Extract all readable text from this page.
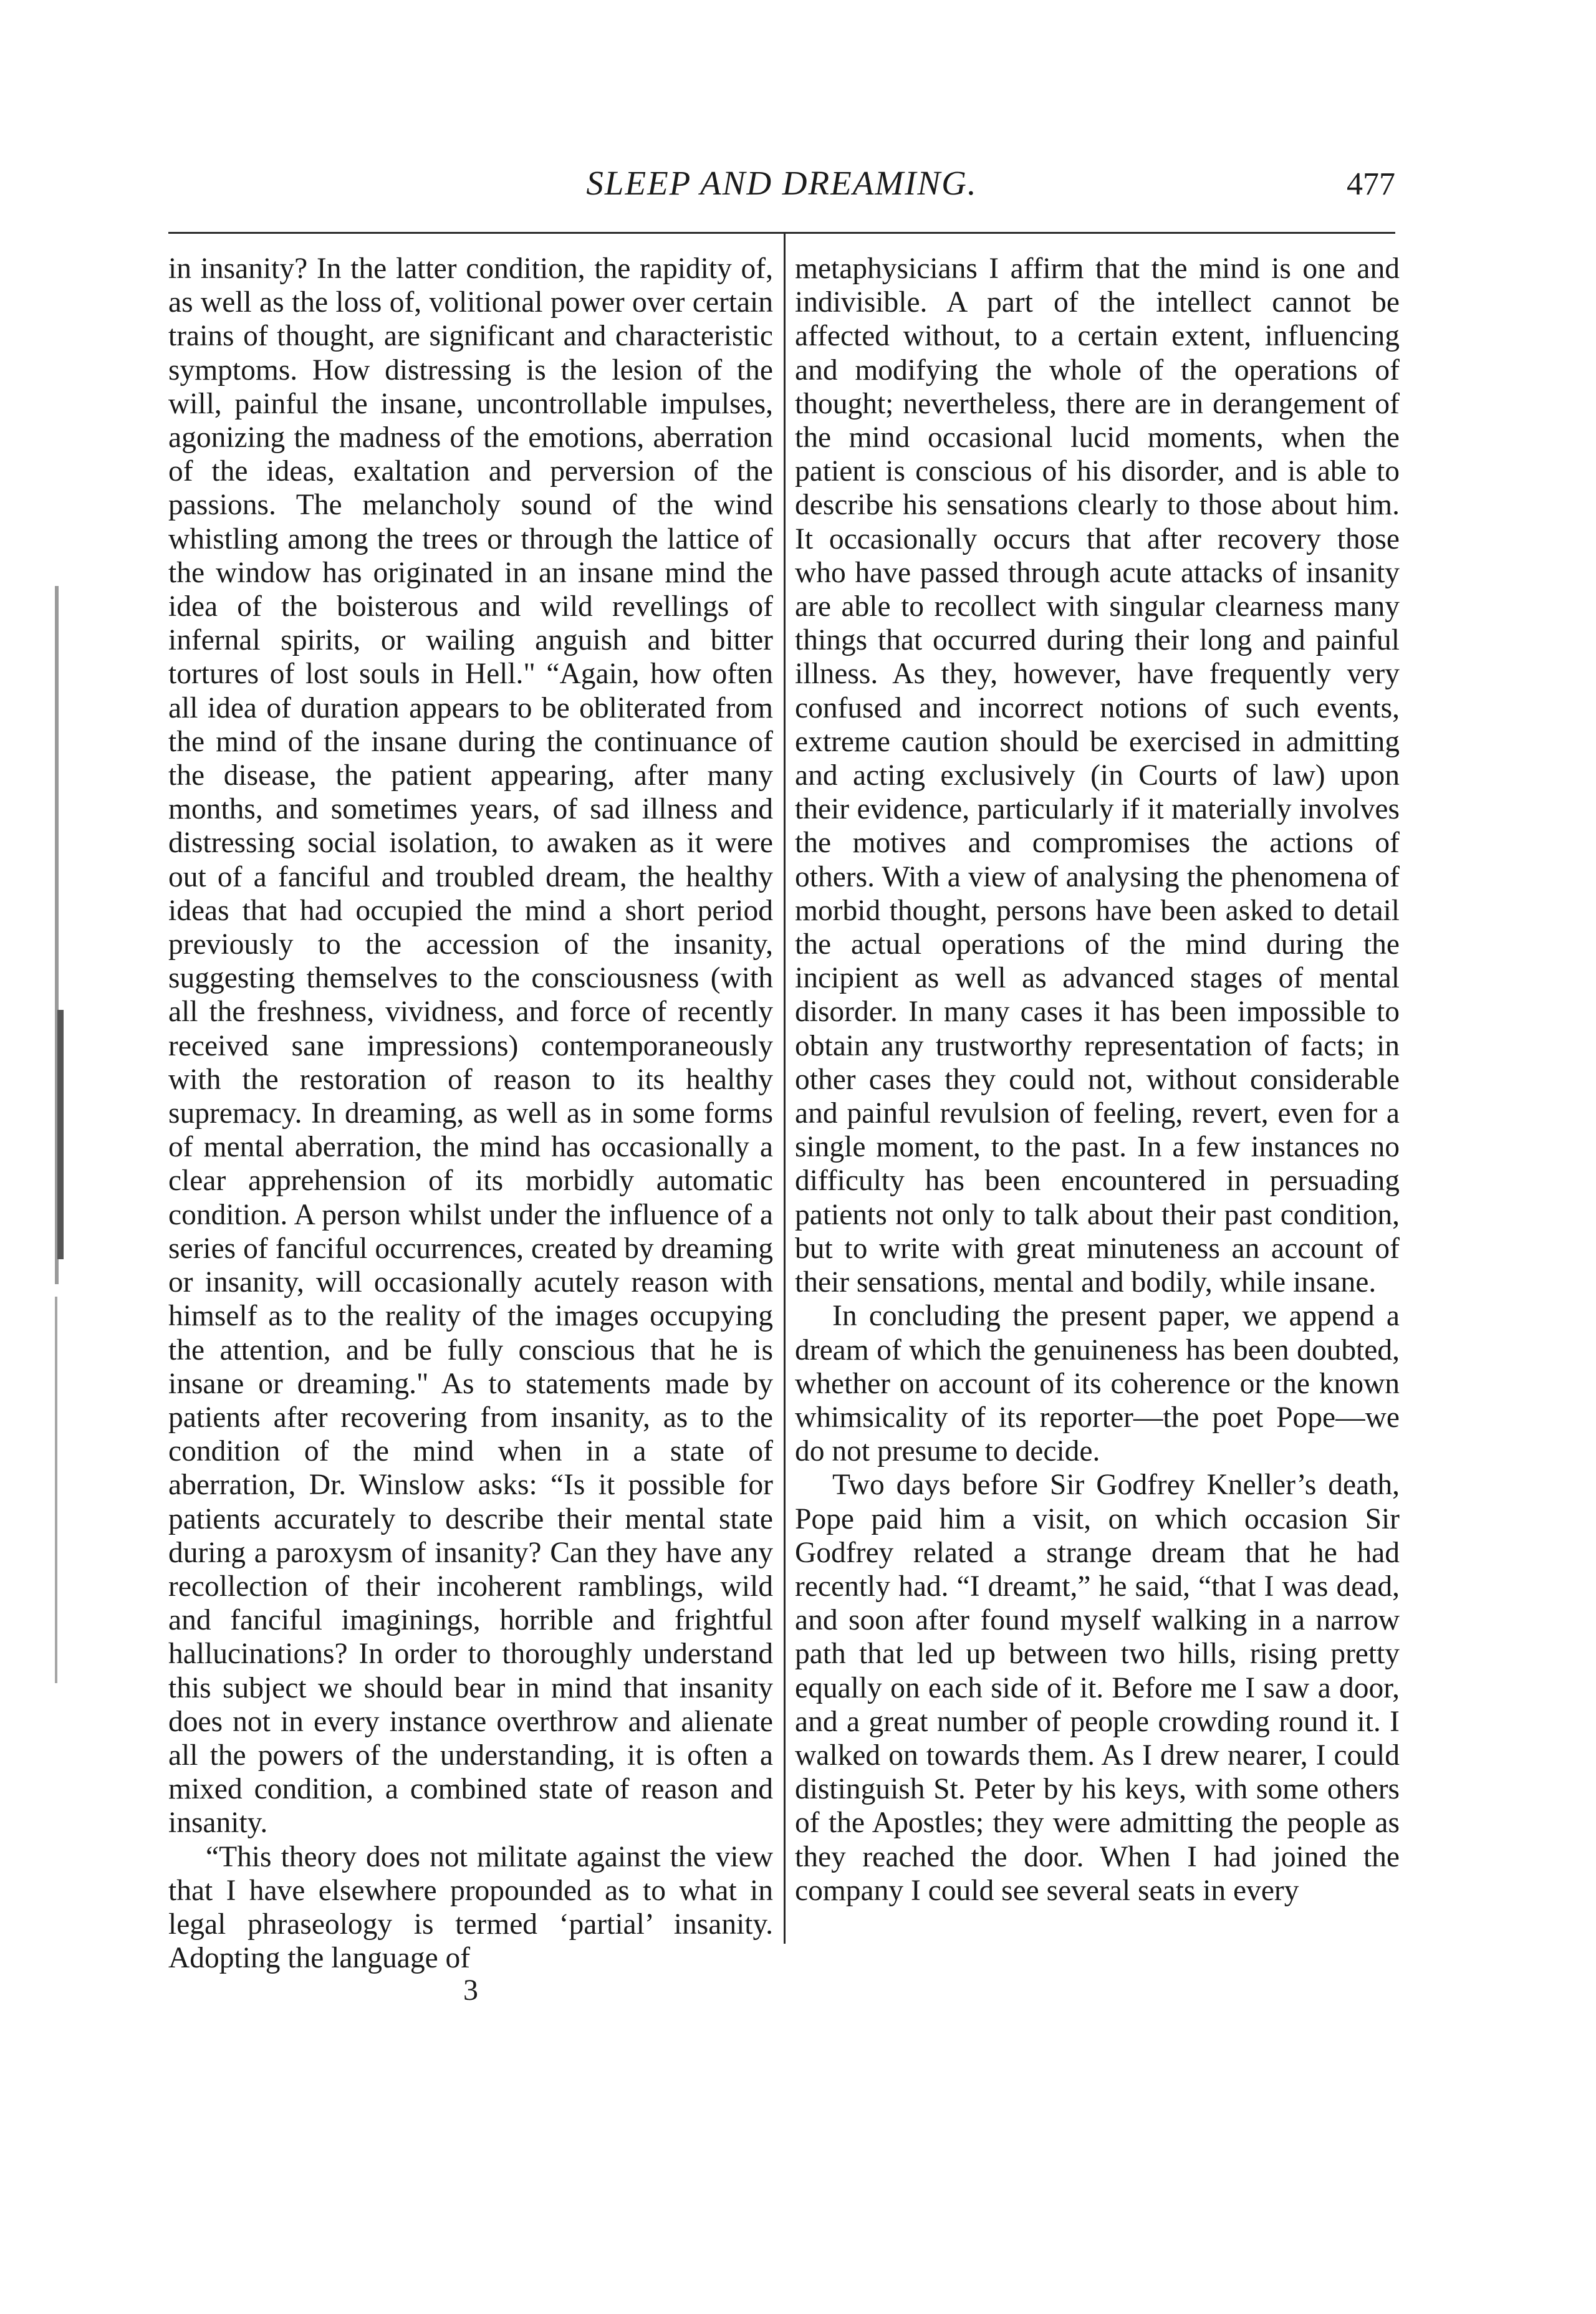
SLEEP AND DREAMING.	477

in insanity? In the latter condition, the rapidity of, as well as the loss of, volitional power over certain trains of thought, are significant and characteristic symptoms. How distressing is the lesion of the will, painful the insane, uncontrollable impulses, agonizing the madness of the emotions, aberration of the ideas, exaltation and perversion of the passions. The melancholy sound of the wind whistling among the trees or through the lattice of the window has originated in an insane mind the idea of the boisterous and wild revellings of infernal spirits, or wailing anguish and bitter tortures of lost souls in Hell." “Again, how often all idea of duration appears to be obliterated from the mind of the insane during the continuance of the disease, the patient appearing, after many months, and sometimes years, of sad illness and distressing social isolation, to awaken as it were out of a fanciful and troubled dream, the healthy ideas that had occupied the mind a short period previously to the accession of the insanity, suggesting themselves to the consciousness (with all the freshness, vividness, and force of recently received sane impressions) contemporaneously with the restoration of reason to its healthy supremacy. In dreaming, as well as in some forms of mental aberration, the mind has occasionally a clear apprehension of its morbidly automatic condition. A person whilst under the influence of a series of fanciful occurrences, created by dreaming or insanity, will occasionally acutely reason with himself as to the reality of the images occupying the attention, and be fully conscious that he is insane or dreaming." As to statements made by patients after recovering from insanity, as to the condition of the mind when in a state of aberration, Dr. Winslow asks: “Is it possible for patients accurately to describe their mental state during a paroxysm of insanity? Can they have any recollection of their incoherent ramblings, wild and fanciful imaginings, horrible and frightful hallucinations? In order to thoroughly understand this subject we should bear in mind that insanity does not in every instance overthrow and alienate all the powers of the understanding, it is often a mixed condition, a combined state of reason and insanity.

“This theory does not militate against the view that I have elsewhere propounded as to what in legal phraseology is termed ‘partial’ insanity. Adopting the language of

metaphysicians I affirm that the mind is one and indivisible. A part of the intellect cannot be affected without, to a certain extent, influencing and modifying the whole of the operations of thought; nevertheless, there are in derangement of the mind occasional lucid moments, when the patient is conscious of his disorder, and is able to describe his sensations clearly to those about him. It occasionally occurs that after recovery those who have passed through acute attacks of insanity are able to recollect with singular clearness many things that occurred during their long and painful illness. As they, however, have frequently very confused and incorrect notions of such events, extreme caution should be exercised in admitting and acting exclusively (in Courts of law) upon their evidence, particularly if it materially involves the motives and compromises the actions of others. With a view of analysing the phenomena of morbid thought, persons have been asked to detail the actual operations of the mind during the incipient as well as advanced stages of mental disorder. In many cases it has been impossible to obtain any trustworthy representation of facts; in other cases they could not, without considerable and painful revulsion of feeling, revert, even for a single moment, to the past. In a few instances no difficulty has been encountered in persuading patients not only to talk about their past condition, but to write with great minuteness an account of their sensations, mental and bodily, while insane.

In concluding the present paper, we append a dream of which the genuineness has been doubted, whether on account of its coherence or the known whimsicality of its reporter—the poet Pope—we do not presume to decide.

Two days before Sir Godfrey Kneller’s death, Pope paid him a visit, on which occasion Sir Godfrey related a strange dream that he had recently had. “I dreamt,” he said, “that I was dead, and soon after found myself walking in a narrow path that led up between two hills, rising pretty equally on each side of it. Before me I saw a door, and a great number of people crowding round it. I walked on towards them. As I drew nearer, I could distinguish St. Peter by his keys, with some others of the Apostles; they were admitting the people as they reached the door. When I had joined the company I could see several seats in every

3
